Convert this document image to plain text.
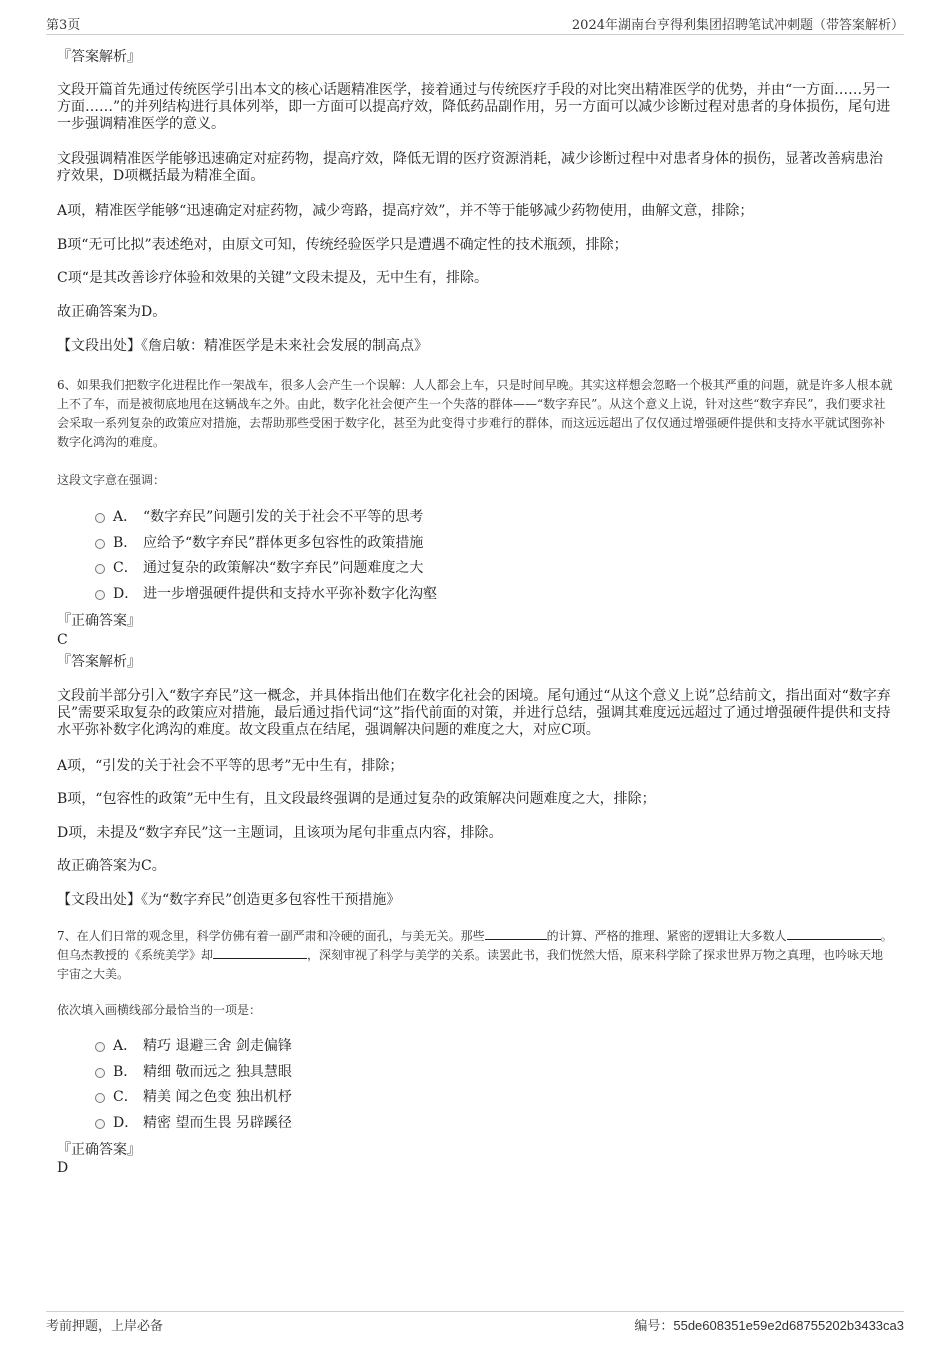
第3页	2024年湖南台亨得利集团招聘笔试冲刺题（带答案解析）

『答案解析』

文段开篇首先通过传统医学引出本文的核心话题精准医学，接着通过与传统医疗手段的对比突出精准医学的优势，并由“一方面……另一方面……”的并列结构进行具体列举，即一方面可以提高疗效，降低药品副作用，另一方面可以减少诊断过程对患者的身体损伤，尾句进一步强调精准医学的意义。

文段强调精准医学能够迅速确定对症药物，提高疗效，降低无谓的医疗资源消耗，减少诊断过程中对患者身体的损伤，显著改善病患治疗效果，D项概括最为精准全面。

A项，精准医学能够“迅速确定对症药物，减少弯路，提高疗效”，并不等于能够减少药物使用，曲解文意，排除；

B项“无可比拟”表述绝对，由原文可知，传统经验医学只是遭遇不确定性的技术瓶颈，排除；

C项“是其改善诊疗体验和效果的关键”文段未提及，无中生有，排除。

故正确答案为D。

【文段出处】《詹启敏：精准医学是未来社会发展的制高点》

6、如果我们把数字化进程比作一架战车，很多人会产生一个误解：人人都会上车，只是时间早晚。其实这样想会忽略一个极其严重的问题，就是许多人根本就上不了车，而是被彻底地甩在这辆战车之外。由此，数字化社会便产生一个失落的群体——“数字弃民”。从这个意义上说，针对这些“数字弃民”，我们要求社会采取一系列复杂的政策应对措施，去帮助那些受困于数字化，甚至为此变得寸步难行的群体，而这远远超出了仅仅通过增强硬件提供和支持水平就试图弥补数字化鸿沟的难度。

这段文字意在强调：

A． “数字弃民”问题引发的关于社会不平等的思考
B． 应给予“数字弃民”群体更多包容性的政策措施
C． 通过复杂的政策解决“数字弃民”问题难度之大
D． 进一步增强硬件提供和支持水平弥补数字化沟壑

『正确答案』

C

『答案解析』

文段前半部分引入“数字弃民”这一概念，并具体指出他们在数字化社会的困境。尾句通过“从这个意义上说”总结前文，指出面对“数字弃民”需要采取复杂的政策应对措施，最后通过指代词“这”指代前面的对策，并进行总结，强调其难度远远超过了通过增强硬件提供和支持水平弥补数字化鸿沟的难度。故文段重点在结尾，强调解决问题的难度之大，对应C项。

A项，“引发的关于社会不平等的思考”无中生有，排除；

B项，“包容性的政策”无中生有，且文段最终强调的是通过复杂的政策解决问题难度之大，排除；

D项，未提及“数字弃民”这一主题词，且该项为尾句非重点内容，排除。

故正确答案为C。

【文段出处】《为“数字弃民”创造更多包容性干预措施》

7、在人们日常的观念里，科学仿佛有着一副严肃和冷硬的面孔，与美无关。那些	的计算、严格的推理、紧密的逻辑让大多数人	。但乌杰教授的《系统美学》却	，深刻审视了科学与美学的关系。读罢此书，我们恍然大悟，原来科学除了探求世界万物之真理，也吟咏天地宇宙之大美。

依次填入画横线部分最恰当的一项是：

A． 精巧 退避三舍 剑走偏锋
B． 精细 敬而远之 独具慧眼
C． 精美 闻之色变 独出机杼
D． 精密 望而生畏 另辟蹊径

『正确答案』

D

考前押题，上岸必备	编号：55de608351e59e2d68755202b3433ca3
